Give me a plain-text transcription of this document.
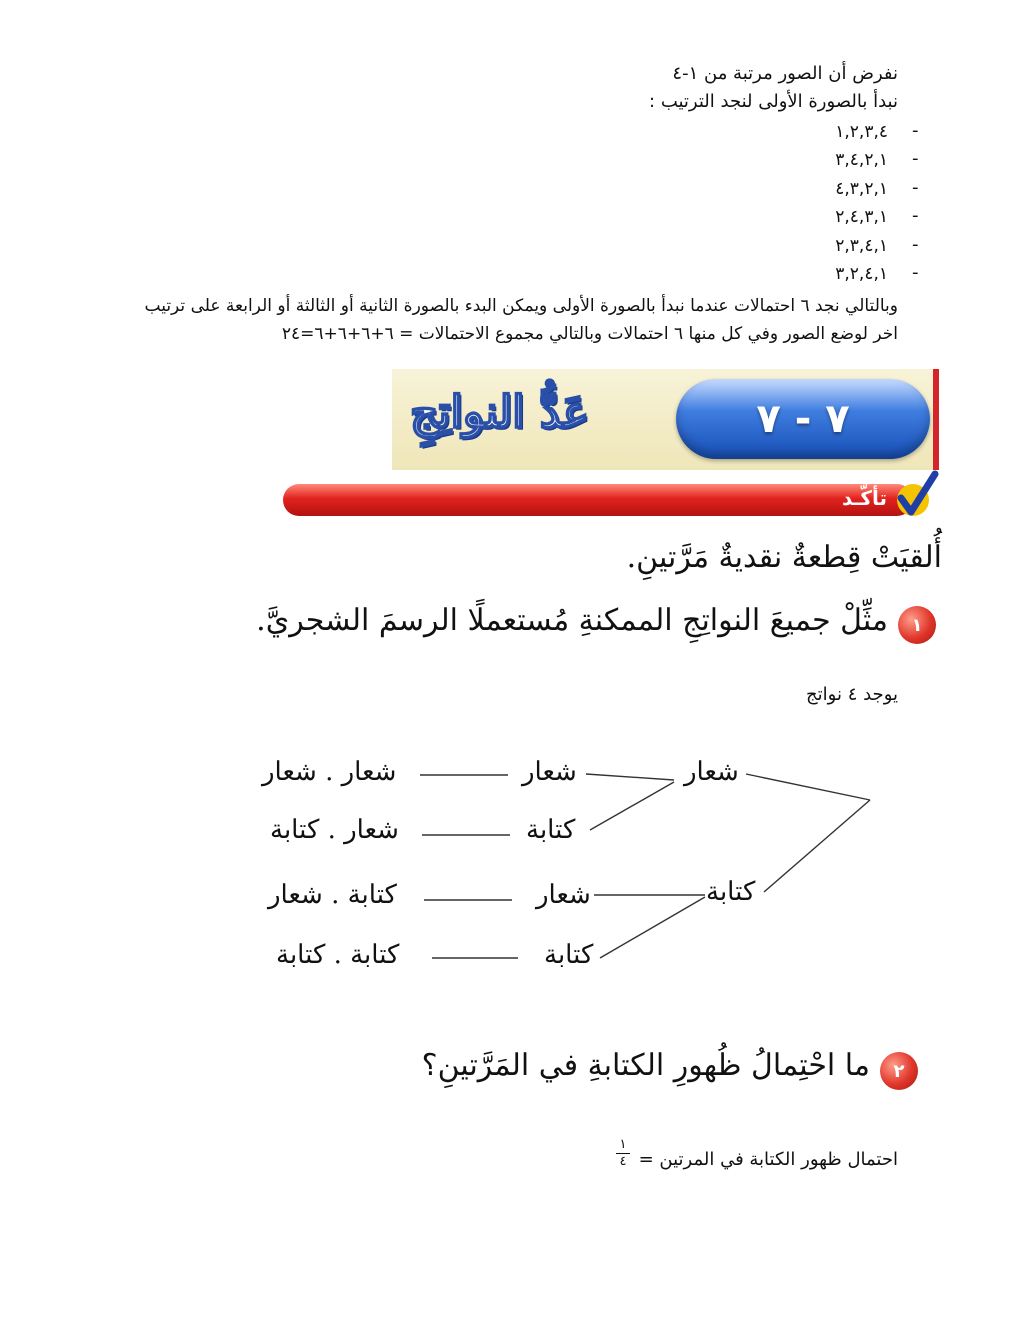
نفرض أن الصور مرتبة من ١-٤
نبدأ بالصورة الأولى لنجد الترتيب :
١,٢,٣,٤ -
٣,٤,٢,١ -
٤,٣,٢,١ -
٢,٤,٣,١ -
٢,٣,٤,١ -
٣,٢,٤,١ -
وبالتالي نجد ٦ احتمالات عندما نبدأ بالصورة الأولى ويمكن البدء بالصورة الثانية أو الثالثة أو الرابعة على ترتيب
اخر لوضع الصور وفي كل منها ٦ احتمالات وبالتالي مجموع الاحتمالات = ٦+٦+٦+٦=٢٤
٧ - ٧
عَدُّ النواتِجِ
تأكَّـد
أُلقيَتْ قِطعةٌ نقديةٌ مَرَّتينِ.
١
مثِّلْ جميعَ النواتِجِ الممكنةِ مُستعملًا الرسمَ الشجريَّ.
يوجد ٤ نواتج
شعار
كتابة
شعار
كتابة
شعار
كتابة
شعار . شعار
شعار . كتابة
كتابة . شعار
كتابة . كتابة
٢
ما احْتِمالُ ظُهورِ الكتابةِ في المَرَّتينِ؟
احتمال ظهور الكتابة في المرتين =
١
٤
